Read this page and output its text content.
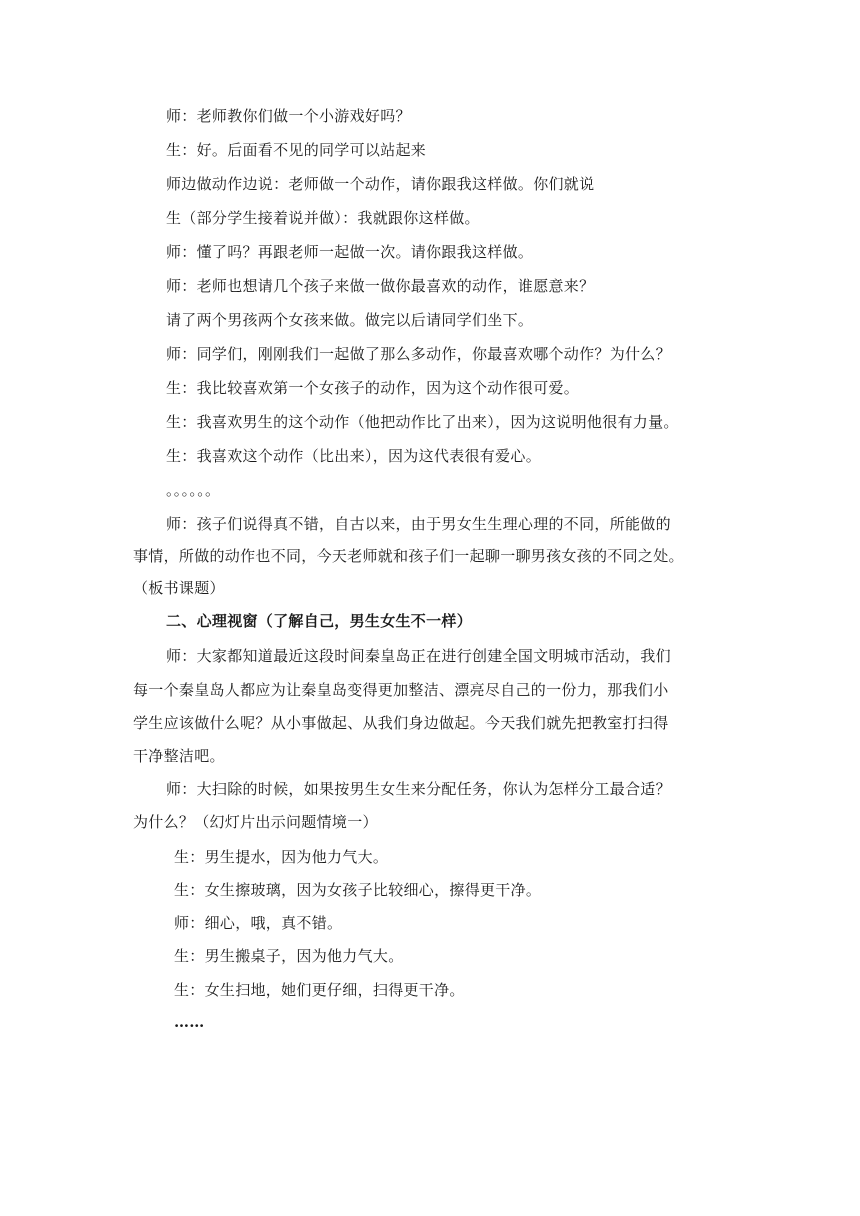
师：老师教你们做一个小游戏好吗？
生：好。后面看不见的同学可以站起来
师边做动作边说：老师做一个动作，请你跟我这样做。你们就说
生（部分学生接着说并做）：我就跟你这样做。
师：懂了吗？再跟老师一起做一次。请你跟我这样做。
师：老师也想请几个孩子来做一做你最喜欢的动作，谁愿意来？
请了两个男孩两个女孩来做。做完以后请同学们坐下。
师：同学们，刚刚我们一起做了那么多动作，你最喜欢哪个动作？为什么？
生：我比较喜欢第一个女孩子的动作，因为这个动作很可爱。
生：我喜欢男生的这个动作（他把动作比了出来），因为这说明他很有力量。
生：我喜欢这个动作（比出来），因为这代表很有爱心。
。。。。。。
师：孩子们说得真不错，自古以来，由于男女生生理心理的不同，所能做的
事情，所做的动作也不同，今天老师就和孩子们一起聊一聊男孩女孩的不同之处。
（板书课题）
二、心理视窗（了解自己，男生女生不一样）
师：大家都知道最近这段时间秦皇岛正在进行创建全国文明城市活动，我们
每一个秦皇岛人都应为让秦皇岛变得更加整洁、漂亮尽自己的一份力，那我们小
学生应该做什么呢？从小事做起、从我们身边做起。今天我们就先把教室打扫得
干净整洁吧。
师：大扫除的时候，如果按男生女生来分配任务，你认为怎样分工最合适？
为什么？（幻灯片出示问题情境一）
生：男生提水，因为他力气大。
生：女生擦玻璃，因为女孩子比较细心，擦得更干净。
师：细心，哦，真不错。
生：男生搬桌子，因为他力气大。
生：女生扫地，她们更仔细，扫得更干净。
……
